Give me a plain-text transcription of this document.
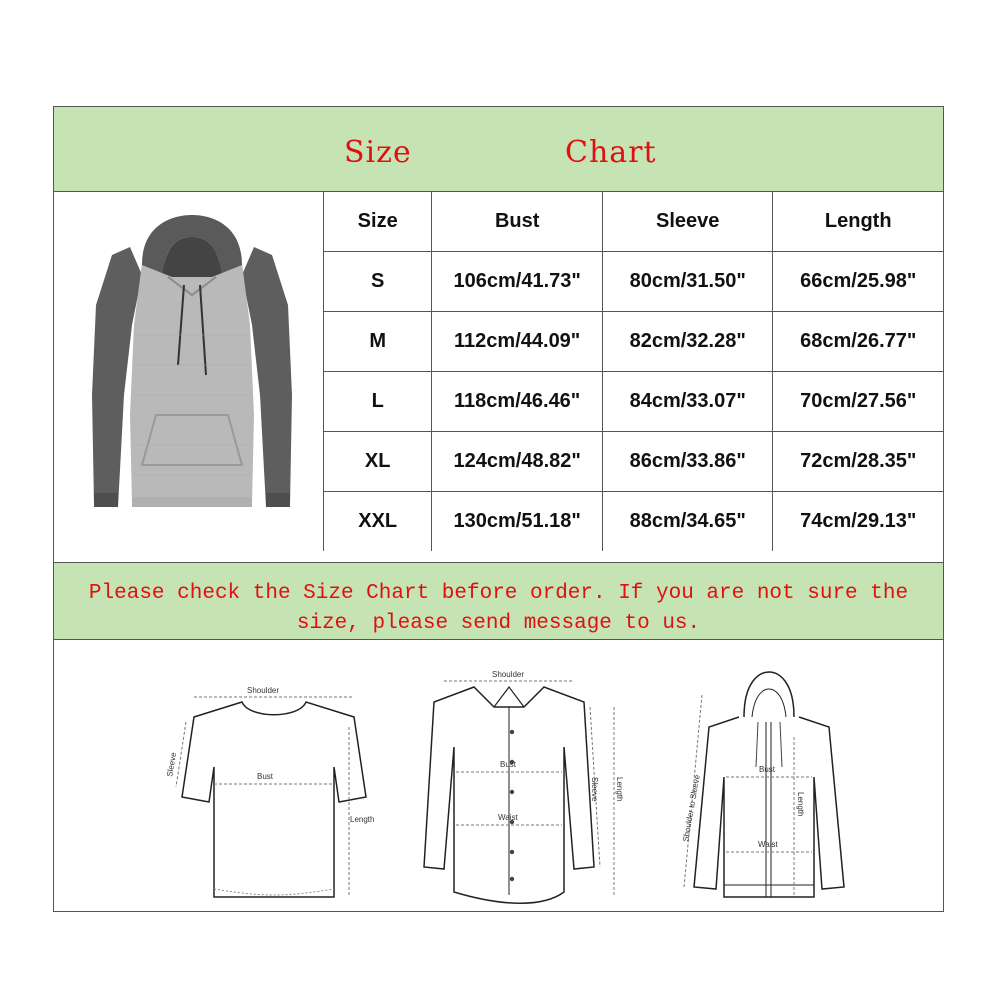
Size	Chart
Size	Bust	Sleeve	Length
S	106cm/41.73"	80cm/31.50"	66cm/25.98"
M	112cm/44.09"	82cm/32.28"	68cm/26.77"
L	118cm/46.46"	84cm/33.07"	70cm/27.56"
XL	124cm/48.82"	86cm/33.86"	72cm/28.35"
XXL	130cm/51.18"	88cm/34.65"	74cm/29.13"
Please check the Size Chart before order. If you are not sure the
size, please send message to us.
Shoulder
Sleeve	Bust
Length
Shoulder
Bust
Waist
Sleeve Length	Shoulder to Sleeve
Bust
Waist
Length
